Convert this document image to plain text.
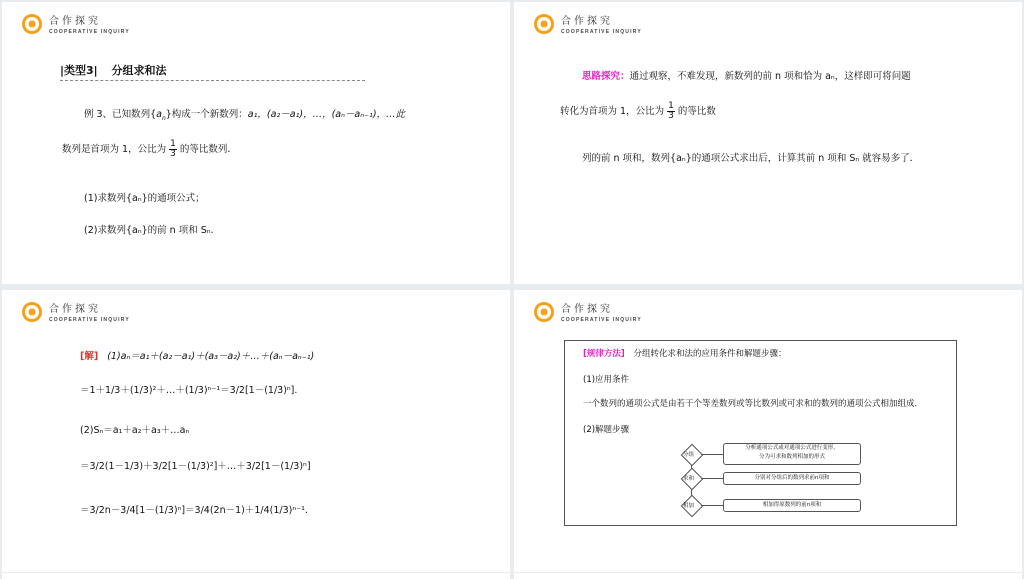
合作探究
COOPERATIVE INQUIRY
|类型3| 分组求和法
例 3、已知数列$\{a_n\}$构成一个新数列：a₁，(a₂－a₁)，…，(aₙ－aₙ₋₁)，…此
数列是首项为 1，公比为 $\frac{1}{3}$ 的等比数列．
(1)求数列{aₙ}的通项公式；
(2)求数列{aₙ}的前 n 项和 Sₙ.
合作探究
COOPERATIVE INQUIRY
思路探究：通过观察，不难发现，新数列的前 n 项和恰为 aₙ，这样即可将问题
转化为首项为 1，公比为 $\frac{1}{3}$ 的等比数
列的前 n 项和，数列{aₙ}的通项公式求出后，计算其前 n 项和 Sₙ 就容易多了．
合作探究
COOPERATIVE INQUIRY
[解] (1)aₙ＝a₁＋(a₂－a₁)＋(a₃－a₂)＋…＋(aₙ－aₙ₋₁)
＝1＋1/3＋(1/3)²＋…＋(1/3)ⁿ⁻¹＝3/2[1－(1/3)ⁿ].
(2)Sₙ＝a₁＋a₂＋a₃＋…aₙ
＝3/2(1－1/3)＋3/2[1－(1/3)²]＋…＋3/2[1－(1/3)ⁿ]
＝3/2n－3/4[1－(1/3)ⁿ]＝3/4(2n－1)＋1/4(1/3)ⁿ⁻¹.
合作探究
COOPERATIVE INQUIRY
[规律方法] 分组转化求和法的应用条件和解题步骤：
(1)应用条件
一个数列的通项公式是由若干个等差数列或等比数列或可求和的数列的通项公式相加组成．
(2)解题步骤
分组
分析通项公式或对通项公式进行变形，
分为可求和数列相加的形式
求和	分别对分组后的数列求前n项和
相加	相加得原数列的前n项和
